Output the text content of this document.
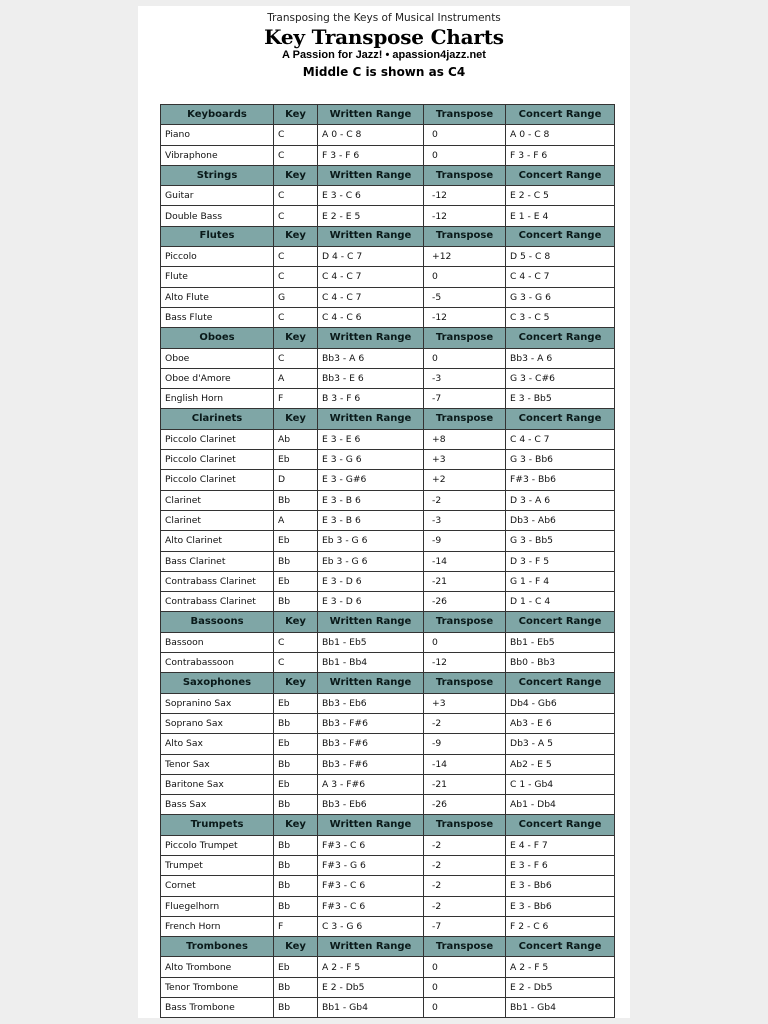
Transposing the Keys of Musical Instruments
Key Transpose Charts
A Passion for Jazz! • apassion4jazz.net
Middle C is shown as C4
Keyboards	Key	Written Range	Transpose	Concert Range
Piano	C	A 0 - C 8	0	A 0 - C 8
Vibraphone	C	F 3 - F 6	0	F 3 - F 6
Strings	Key	Written Range	Transpose	Concert Range
Guitar	C	E 3 - C 6	-12	E 2 - C 5
Double Bass	C	E 2 - E 5	-12	E 1 - E 4
Flutes	Key	Written Range	Transpose	Concert Range
Piccolo	C	D 4 - C 7	+12	D 5 - C 8
Flute	C	C 4 - C 7	0	C 4 - C 7
Alto Flute	G	C 4 - C 7	-5	G 3 - G 6
Bass Flute	C	C 4 - C 6	-12	C 3 - C 5
Oboes	Key	Written Range	Transpose	Concert Range
Oboe	C	Bb3 - A 6	0	Bb3 - A 6
Oboe d'Amore	A	Bb3 - E 6	-3	G 3 - C#6
English Horn	F	B 3 - F 6	-7	E 3 - Bb5
Clarinets	Key	Written Range	Transpose	Concert Range
Piccolo Clarinet	Ab	E 3 - E 6	+8	C 4 - C 7
Piccolo Clarinet	Eb	E 3 - G 6	+3	G 3 - Bb6
Piccolo Clarinet	D	E 3 - G#6	+2	F#3 - Bb6
Clarinet	Bb	E 3 - B 6	-2	D 3 - A 6
Clarinet	A	E 3 - B 6	-3	Db3 - Ab6
Alto Clarinet	Eb	Eb 3 - G 6	-9	G 3 - Bb5
Bass Clarinet	Bb	Eb 3 - G 6	-14	D 3 - F 5
Contrabass Clarinet	Eb	E 3 - D 6	-21	G 1 - F 4
Contrabass Clarinet	Bb	E 3 - D 6	-26	D 1 - C 4
Bassoons	Key	Written Range	Transpose	Concert Range
Bassoon	C	Bb1 - Eb5	0	Bb1 - Eb5
Contrabassoon	C	Bb1 - Bb4	-12	Bb0 - Bb3
Saxophones	Key	Written Range	Transpose	Concert Range
Sopranino Sax	Eb	Bb3 - Eb6	+3	Db4 - Gb6
Soprano Sax	Bb	Bb3 - F#6	-2	Ab3 - E 6
Alto Sax	Eb	Bb3 - F#6	-9	Db3 - A 5
Tenor Sax	Bb	Bb3 - F#6	-14	Ab2 - E 5
Baritone Sax	Eb	A 3 - F#6	-21	C 1 - Gb4
Bass Sax	Bb	Bb3 - Eb6	-26	Ab1 - Db4
Trumpets	Key	Written Range	Transpose	Concert Range
Piccolo Trumpet	Bb	F#3 - C 6	-2	E 4 - F 7
Trumpet	Bb	F#3 - G 6	-2	E 3 - F 6
Cornet	Bb	F#3 - C 6	-2	E 3 - Bb6
Fluegelhorn	Bb	F#3 - C 6	-2	E 3 - Bb6
French Horn	F	C 3 - G 6	-7	F 2 - C 6
Trombones	Key	Written Range	Transpose	Concert Range
Alto Trombone	Eb	A 2 - F 5	0	A 2 - F 5
Tenor Trombone	Bb	E 2 - Db5	0	E 2 - Db5
Bass Trombone	Bb	Bb1 - Gb4	0	Bb1 - Gb4
